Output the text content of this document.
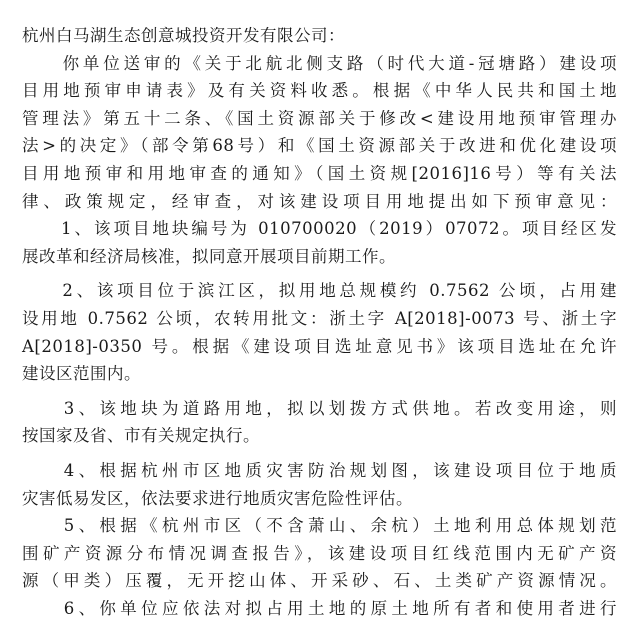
杭州白马湖生态创意城投资开发有限公司：
　　你单位送审的《关于北航北侧支路（时代大道-冠塘路）建设项
目用地预审申请表》及有关资料收悉。根据《中华人民共和国土地
管理法》第五十二条、《国土资源部关于修改<建设用地预审管理办
法>的决定》（部令第68号）和《国土资源部关于改进和优化建设项
目用地预审和用地审查的通知》（国土资规[2016]16号）等有关法
律、政策规定，经审查，对该建设项目用地提出如下预审意见：
　　1、该项目地块编号为 010700020（2019）07072。项目经区发
展改革和经济局核准，拟同意开展项目前期工作。
　　2、该项目位于滨江区，拟用地总规模约 0.7562 公顷，占用建
设用地 0.7562 公顷，农转用批文：浙土字 A[2018]-0073 号、浙土字
A[2018]-0350 号。根据《建设项目选址意见书》该项目选址在允许
建设区范围内。
　　3、该地块为道路用地，拟以划拨方式供地。若改变用途，则
按国家及省、市有关规定执行。
　　4、根据杭州市区地质灾害防治规划图，该建设项目位于地质
灾害低易发区，依法要求进行地质灾害危险性评估。
　　5、根据《杭州市区（不含萧山、余杭）土地利用总体规划范
围矿产资源分布情况调查报告》，该建设项目红线范围内无矿产资
源（甲类）压覆，无开挖山体、开采砂、石、土类矿产资源情况。
　　6、你单位应依法对拟占用土地的原土地所有者和使用者进行
